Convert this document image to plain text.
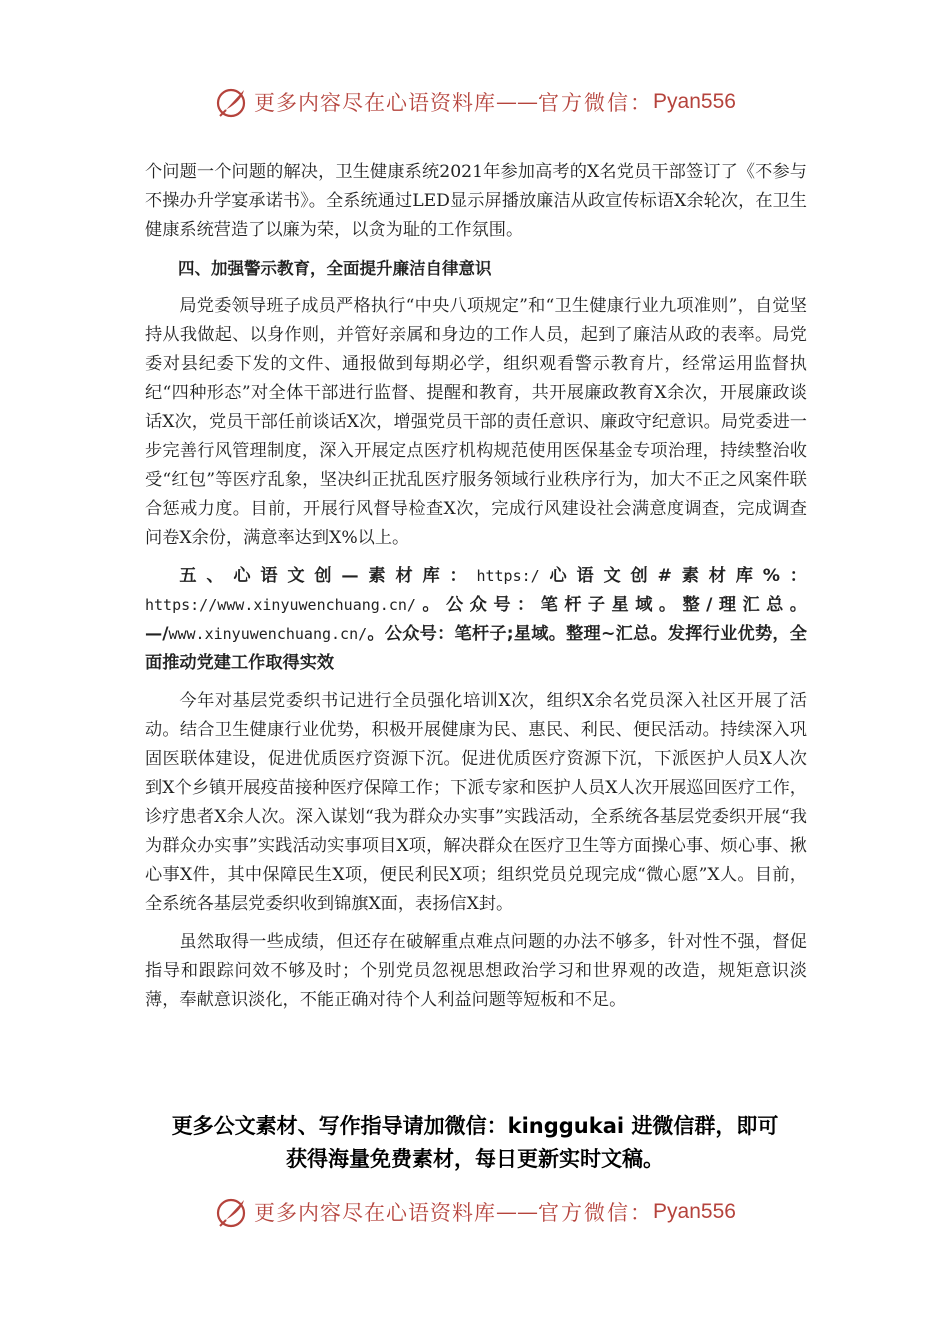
更多内容尽在心语资料库 —— 官方微信： Pyan556

个问题一个问题的解决，卫生健康系统2021年参加高考的X名党员干部签订了《不参与不操办升学宴承诺书》。全系统通过LED显示屏播放廉洁从政宣传标语X余轮次，在卫生健康系统营造了以廉为荣，以贪为耻的工作氛围。

四、加强警示教育，全面提升廉洁自律意识

局党委领导班子成员严格执行“中央八项规定”和“卫生健康行业九项准则”，自觉坚持从我做起、以身作则，并管好亲属和身边的工作人员，起到了廉洁从政的表率。局党委对县纪委下发的文件、通报做到每期必学，组织观看警示教育片，经常运用监督执纪“四种形态”对全体干部进行监督、提醒和教育，共开展廉政教育X余次，开展廉政谈话X次，党员干部任前谈话X次，增强党员干部的责任意识、廉政守纪意识。局党委进一步完善行风管理制度，深入开展定点医疗机构规范使用医保基金专项治理，持续整治收受“红包”等医疗乱象，坚决纠正扰乱医疗服务领域行业秩序行为，加大不正之风案件联合惩戒力度。目前，开展行风督导检查X次，完成行风建设社会满意度调查，完成调查问卷X余份，满意率达到X%以上。

五、心语文创—素材库：https:/心语文创#素材库%：https://www.xinyuwenchuang.cn/。公众号：笔杆子星域。整/理汇总。—/www.xinyuwenchuang.cn/。公众号：笔杆子;星域。整理~汇总。发挥行业优势，全面推动党建工作取得实效

今年对基层党委织书记进行全员强化培训X次，组织X余名党员深入社区开展了活动。结合卫生健康行业优势，积极开展健康为民、惠民、利民、便民活动。持续深入巩固医联体建设，促进优质医疗资源下沉。促进优质医疗资源下沉，下派医护人员X人次到X个乡镇开展疫苗接种医疗保障工作；下派专家和医护人员X人次开展巡回医疗工作，诊疗患者X余人次。深入谋划“我为群众办实事”实践活动，全系统各基层党委织开展“我为群众办实事”实践活动实事项目X项，解决群众在医疗卫生等方面操心事、烦心事、揪心事X件，其中保障民生X项，便民利民X项；组织党员兑现完成“微心愿”X人。目前，全系统各基层党委织收到锦旗X面，表扬信X封。

虽然取得一些成绩，但还存在破解重点难点问题的办法不够多，针对性不强，督促指导和跟踪问效不够及时；个别党员忽视思想政治学习和世界观的改造，规矩意识淡薄，奉献意识淡化，不能正确对待个人利益问题等短板和不足。

更多公文素材、写作指导请加微信：kinggukai 进微信群，即可
获得海量免费素材，每日更新实时文稿。
更多内容尽在心语资料库 —— 官方微信： Pyan556
